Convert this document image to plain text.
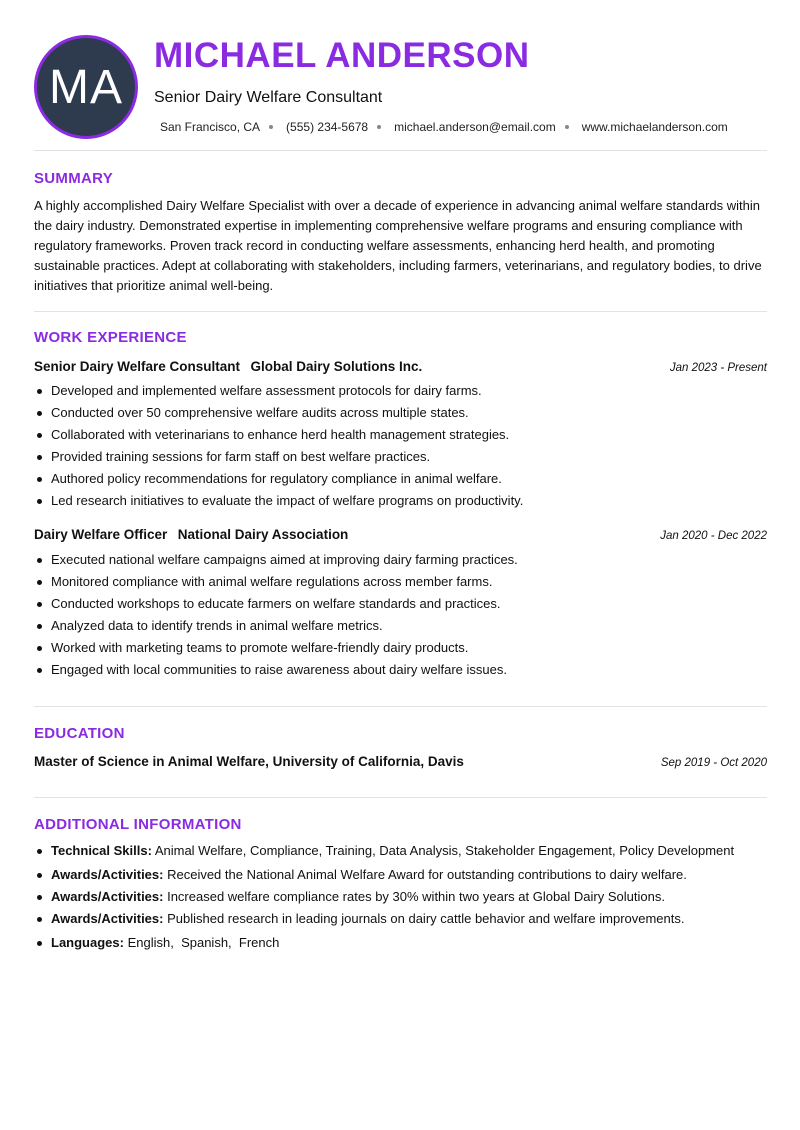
MA
MICHAEL ANDERSON
Senior Dairy Welfare Consultant
San Francisco, CA (555) 234-5678 michael.anderson@email.com www.michaelanderson.com
SUMMARY
A highly accomplished Dairy Welfare Specialist with over a decade of experience in advancing animal welfare standards within the dairy industry. Demonstrated expertise in implementing comprehensive welfare programs and ensuring compliance with regulatory frameworks. Proven track record in conducting welfare assessments, enhancing herd health, and promoting sustainable practices. Adept at collaborating with stakeholders, including farmers, veterinarians, and regulatory bodies, to drive initiatives that prioritize animal well-being.
WORK EXPERIENCE
Senior Dairy Welfare Consultant Global Dairy Solutions Inc.	Jan 2023 - Present
Developed and implemented welfare assessment protocols for dairy farms.
Conducted over 50 comprehensive welfare audits across multiple states.
Collaborated with veterinarians to enhance herd health management strategies.
Provided training sessions for farm staff on best welfare practices.
Authored policy recommendations for regulatory compliance in animal welfare.
Led research initiatives to evaluate the impact of welfare programs on productivity.
Dairy Welfare Officer National Dairy Association	Jan 2020 - Dec 2022
Executed national welfare campaigns aimed at improving dairy farming practices.
Monitored compliance with animal welfare regulations across member farms.
Conducted workshops to educate farmers on welfare standards and practices.
Analyzed data to identify trends in animal welfare metrics.
Worked with marketing teams to promote welfare-friendly dairy products.
Engaged with local communities to raise awareness about dairy welfare issues.
EDUCATION
Master of Science in Animal Welfare, University of California, Davis	Sep 2019 - Oct 2020
ADDITIONAL INFORMATION
Technical Skills: Animal Welfare, Compliance, Training, Data Analysis, Stakeholder Engagement, Policy Development
Awards/Activities: Received the National Animal Welfare Award for outstanding contributions to dairy welfare.
Awards/Activities: Increased welfare compliance rates by 30% within two years at Global Dairy Solutions.
Awards/Activities: Published research in leading journals on dairy cattle behavior and welfare improvements.
Languages: English,  Spanish,  French
